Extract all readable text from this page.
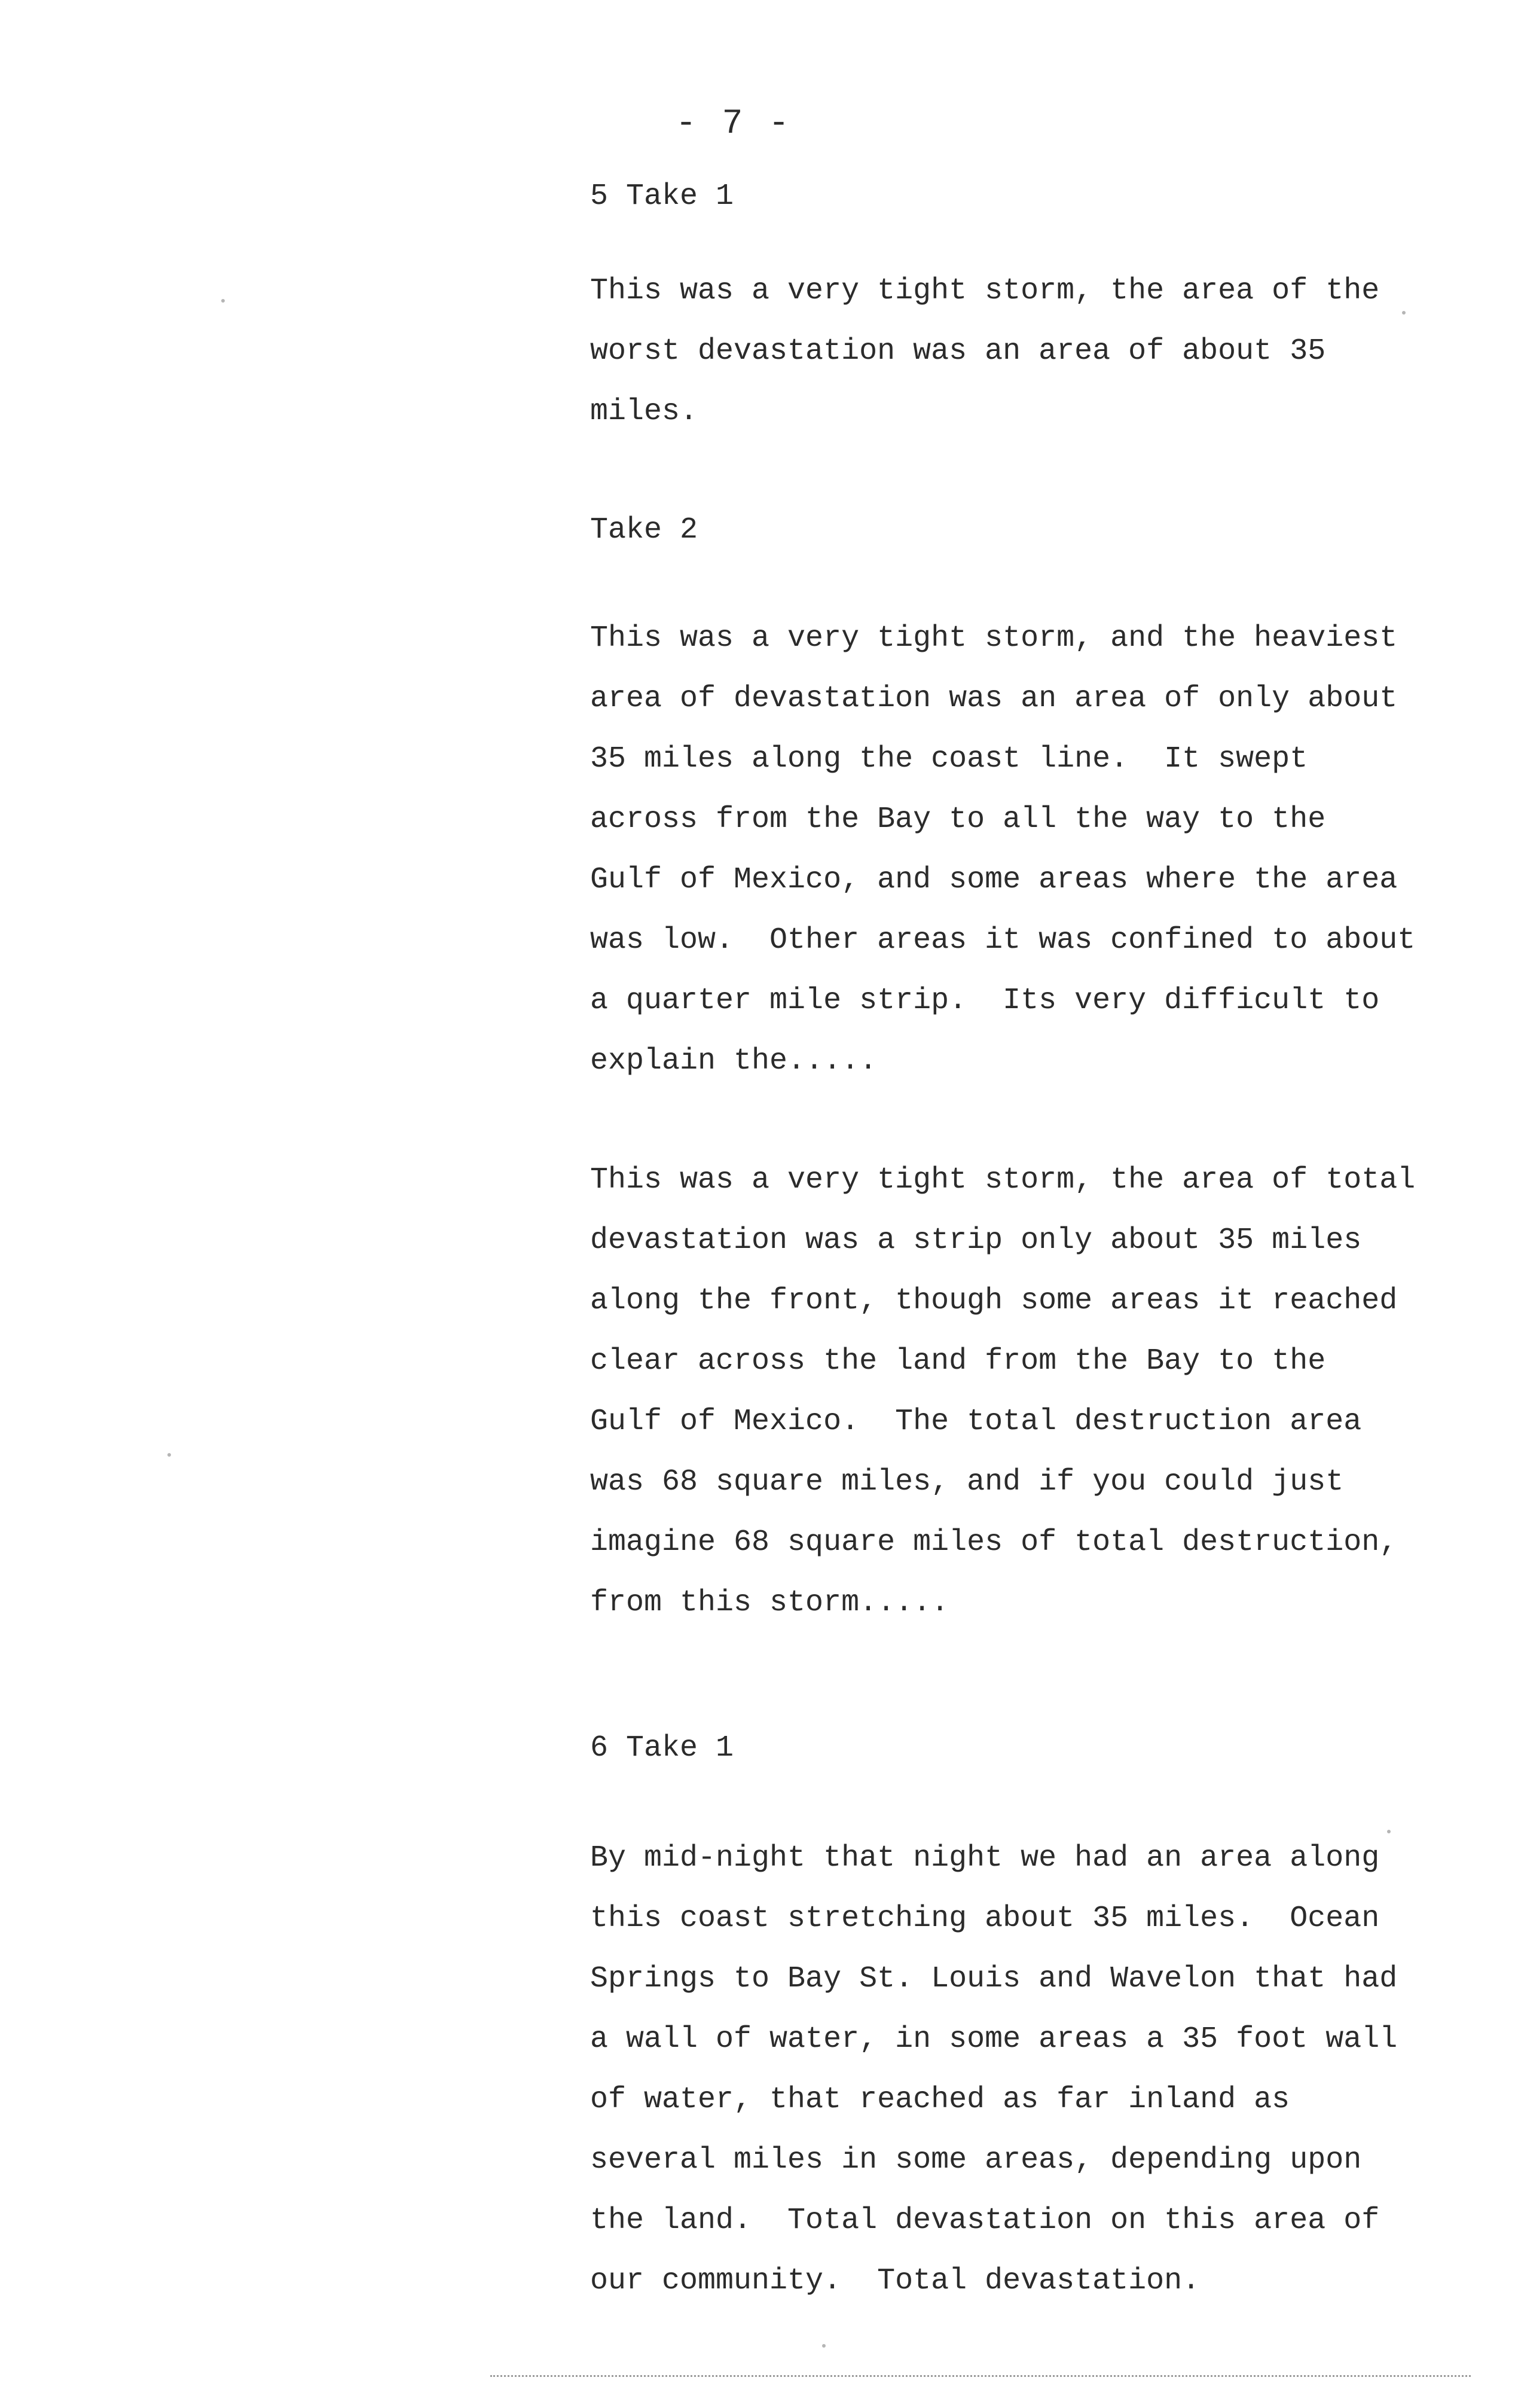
- 7 -
5 Take 1
This was a very tight storm, the area of the
worst devastation was an area of about 35
miles.
Take 2
This was a very tight storm, and the heaviest
area of devastation was an area of only about
35 miles along the coast line.  It swept
across from the Bay to all the way to the
Gulf of Mexico, and some areas where the area
was low.  Other areas it was confined to about
a quarter mile strip.  Its very difficult to
explain the.....
This was a very tight storm, the area of total
devastation was a strip only about 35 miles
along the front, though some areas it reached
clear across the land from the Bay to the
Gulf of Mexico.  The total destruction area
was 68 square miles, and if you could just
imagine 68 square miles of total destruction,
from this storm.....
6 Take 1
By mid-night that night we had an area along
this coast stretching about 35 miles.  Ocean
Springs to Bay St. Louis and Wavelon that had
a wall of water, in some areas a 35 foot wall
of water, that reached as far inland as
several miles in some areas, depending upon
the land.  Total devastation on this area of
our community.  Total devastation.
